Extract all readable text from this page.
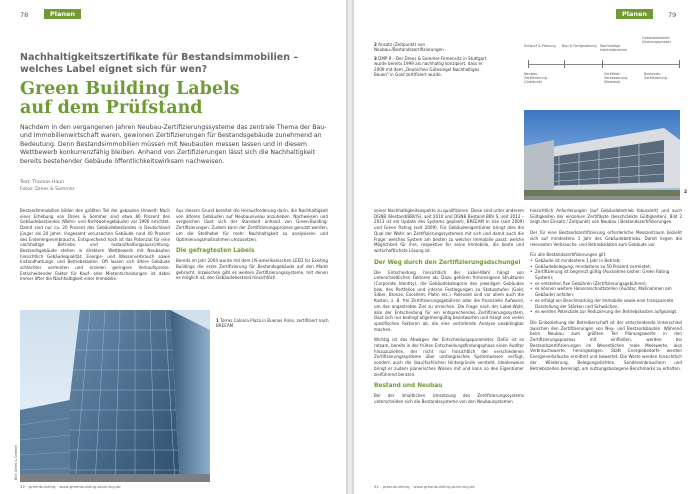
78	Planen
Nachhaltigkeitszertifikate für Bestandsimmobilien – welches Label eignet sich für wen?
Green Building Labels auf dem Prüfstand
Nachdem in den vergangenen Jahren Neubau-Zertifizierungssysteme das zentrale Thema der Bau- und Immobilienwirtschaft waren, gewinnen Zertifizierungen für Bestandsgebäude zunehmend an Bedeutung. Denn Bestandsimmobilien müssen mit Neubauten messen lassen und in diesem Wettbewerb konkurrenzfähig bleiben. Anhand von Zertifizierungen lässt sich die Nachhaltigkeit bereits bestehender Gebäude öffentlichkeitswirksam nachweisen.
Text: Thomas Haun
Fotos: Drees & Sommer
Bestandimmobilien bilden den größten Teil der gebauten Umwelt: Nach einer Erhebung von Drees & Sommer sind etwa 80 Prozent des Gebäudebestandes (Wohn- und Nichtwohngebäude) vor 1990 errichtet. Damit sind nur ca. 20 Prozent des Gebäudebestandes in Deutschland jünger als 20 Jahre. Insgesamt verursachen Gebäude rund 40 Prozent des Endenergieverbrauchs. Entsprechend hoch ist das Potenzial für eine nachhaltige Betriebs- und Instandhaltungsausrichtung. Bestandsgebäude stehen in direktem Wettbewerb mit Neubauten hinsichtlich Gebäudequalität, Energie- und Wasserverbrauch sowie Instandhaltungs- und Betriebskosten. Oft lassen sich ältere Gebäude schlechter vermieten und erzielen geringere Verkaufspreise. Entscheidender Faktor für Kauf- oder Mietentscheidungen ist dabei immer öfter die Nachhaltigkeit einer Immobilie.
Aus diesem Grund bereitet die Herausforderung darin, die Nachhaltigkeit von älteren Gebäuden auf Neubauniveau anzuheben. Nachweisen und vergleichen lässt sich der Standard anhand von Green-Building-Zertifizierungen. Zudem kann der Zertifizierungsprozess genutzt werden, um die Stellhebel für mehr Nachhaltigkeit zu analysieren und Optimierungsmaßnahmen umzusetzen.
Die gefragtesten Labels
Bereits im Jahr 2004 wurde mit dem US-amerikanischen LEED for Existing Buildings die erste Zertifizierung für Bestandsgebäude auf den Markt gebracht. Inzwischen gibt es weitere Zertifizierungssysteme, mit denen es möglich ist, den Gebäudebestand hinsichtlich
Bild: Drees & Sommer
1 Torres Colonia Plaza in Buenos Aires, zertifiziert nach BREEAM
92 · greenbuilding · www.greenbuilding-planning.de
Planen	79
2 Ansatz (Zeitpunkt) von Neubau-/Bestandszertifizierungen
3 DMP 9 – Der Drees & Sommer-Firmensitz in Stuttgart wurde bereits 1999 als nachhaltig konzipiert, dass er 2009 mit dem „Deutschen Gütesiegel Nachhaltiges Bauen“ in Gold zertifiziert wurde.
Entwurf & Planung	Bau & Fertigstellung	Nachhaltige Inbetriebnahme
Gebäudebetrieb (Nutzungsphase)
Neubau-Zertifizierung (Gebäude)
Zertifikat-Verbesserung (Bestand)
Bestands-Zertifizierung
2
seiner Nachhaltigkeitsaspekte zu qualifizieren. Diese sind unter anderem DGNB (Bestand/BBV/S), seit 2010 und DGNB Bestand BBV S, seit 2012 – 2013 ist ein Update des Systems geplant), BREEAM In Use (seit 2009) und Green Rating (seit 2009). Für Gebäudeeigentümer bringt dies die Qual der Wahl: an Zertifizierungssystemen mit sich und damit auch die Frage: welches System am besten zu welcher Immobilie passt, welche Möglichkeit für ihre, respektive für seine Immobilie, die beste und wirtschaftlichste Lösung ist.
Der Weg durch den Zertifizierungsdschungel
Die Entscheidung hinsichtlich der Label-Wahl hängt von unterschiedlichen Faktoren ab: Dazu gehören firmeneigene Strukturen (Corporate Identity), die Gebäudekategorie des jeweiligen Gebäudes bzw. des Portfolios und interne Festlegungen zu Statusstufen (Gold, Silber, Bronze, Excellent, Platin etc.). Relevant sind vor allem auch die Kosten, z. B. frei Zertifizierungsgebühren oder die finanzielle Aufwand, um das angestrebte Ziel zu erreichen. Die Frage nach der Label-Wahl, also der Entscheidung für ein entsprechendes Zertifizierungssystem, lässt sich nur bedingt allgemeingültig beantworten und hängt von vielen spezifischen Faktoren ab, die eine vertiefende Analyse unabdingbar machen.
Wichtig ist das Abwägen der Entscheidungsparameter. Dafür ist es ratsam, bereits in der frühen Entscheidungsfindungsphase einen Auditor hinzuzuziehen, der nicht nur hinsichtlich der verschiedenen Zertifizierungssysteme über umfangreiches Systemwissen verfügt, sondern auch die (bau)fachlichen Hintergründe versteht. Idealerweise bringt er zudem planerisches Wissen mit und kann so den Eigentümer zielführend beraten.
Bestand und Neubau
Bei der inhaltlichen Umsetzung des Zertifizierungssystems unterscheiden sich die Bestandssysteme von den Neubausystemen
hinsichtlich Anforderungen (auf Gebäudebetrieb fokussiert) und auch Gültigkeiten der einzelnen Zertifikate (beschränkte Gültigkeiten). Bild 2 zeigt den Einsatz / Zeitpunkt) von Neubau / Bestandszertifizierungen.
Der für eine Bestandszertifizierung erforderliche Messzeitraum bezieht sich auf mindestens 1 Jahr des Gebäudebetriebs. Damit liegen die relevanten Verbrauchs- und Betriebsdaten zum Gebäude vor.
Für alle Bestandszertifizierungen gilt:
• Gebäude ist mindestens 1 Jahr in Betrieb;
• Gebäudebelegung: mindestens zu 50 Prozent vermietet;
• Zertifizierung ist begrenzt gültig (Ausnahme bisher: Green Rating System);
• es entstehen fixe Gebühren (Zertifizierungsgebühren);
• es können weitere Honorarschnittstellen (Auditor, Maßnahmen am Gebäude) anfallen;
• es erfolgt ein Benchmarking der Immobilie sowie eine transparente Darstellung der Stärken und Schwächen,
• es werden Potenziale zur Reduzierung der Betriebskosten aufgezeigt.
Die Einbeziehung der Betreiberschaft ist der entscheidende Unterschied zwischen den Zertifizierungen von Neu- und Bestandsbauten. Während beim Neubau zum größten Teil Planungswerte in den Zertifizierungsprozess mit einfließen, werden bei Bestandszertifizierungen im Wesentlichen reale Messwerte, also Verbrauchswerte, herangezogen. Statt Energiebedarfe werden Energieverbräuche ermittelt und bewertet. Die Werte werden hinsichtlich der Wiederung, Belegungsdichten, Sondereinbrauchern und Betriebszeiten bereinigt, um nutzungsbezogene Benchmarks zu erhalten.
92 · greenbuilding · www.greenbuilding-planning.de
